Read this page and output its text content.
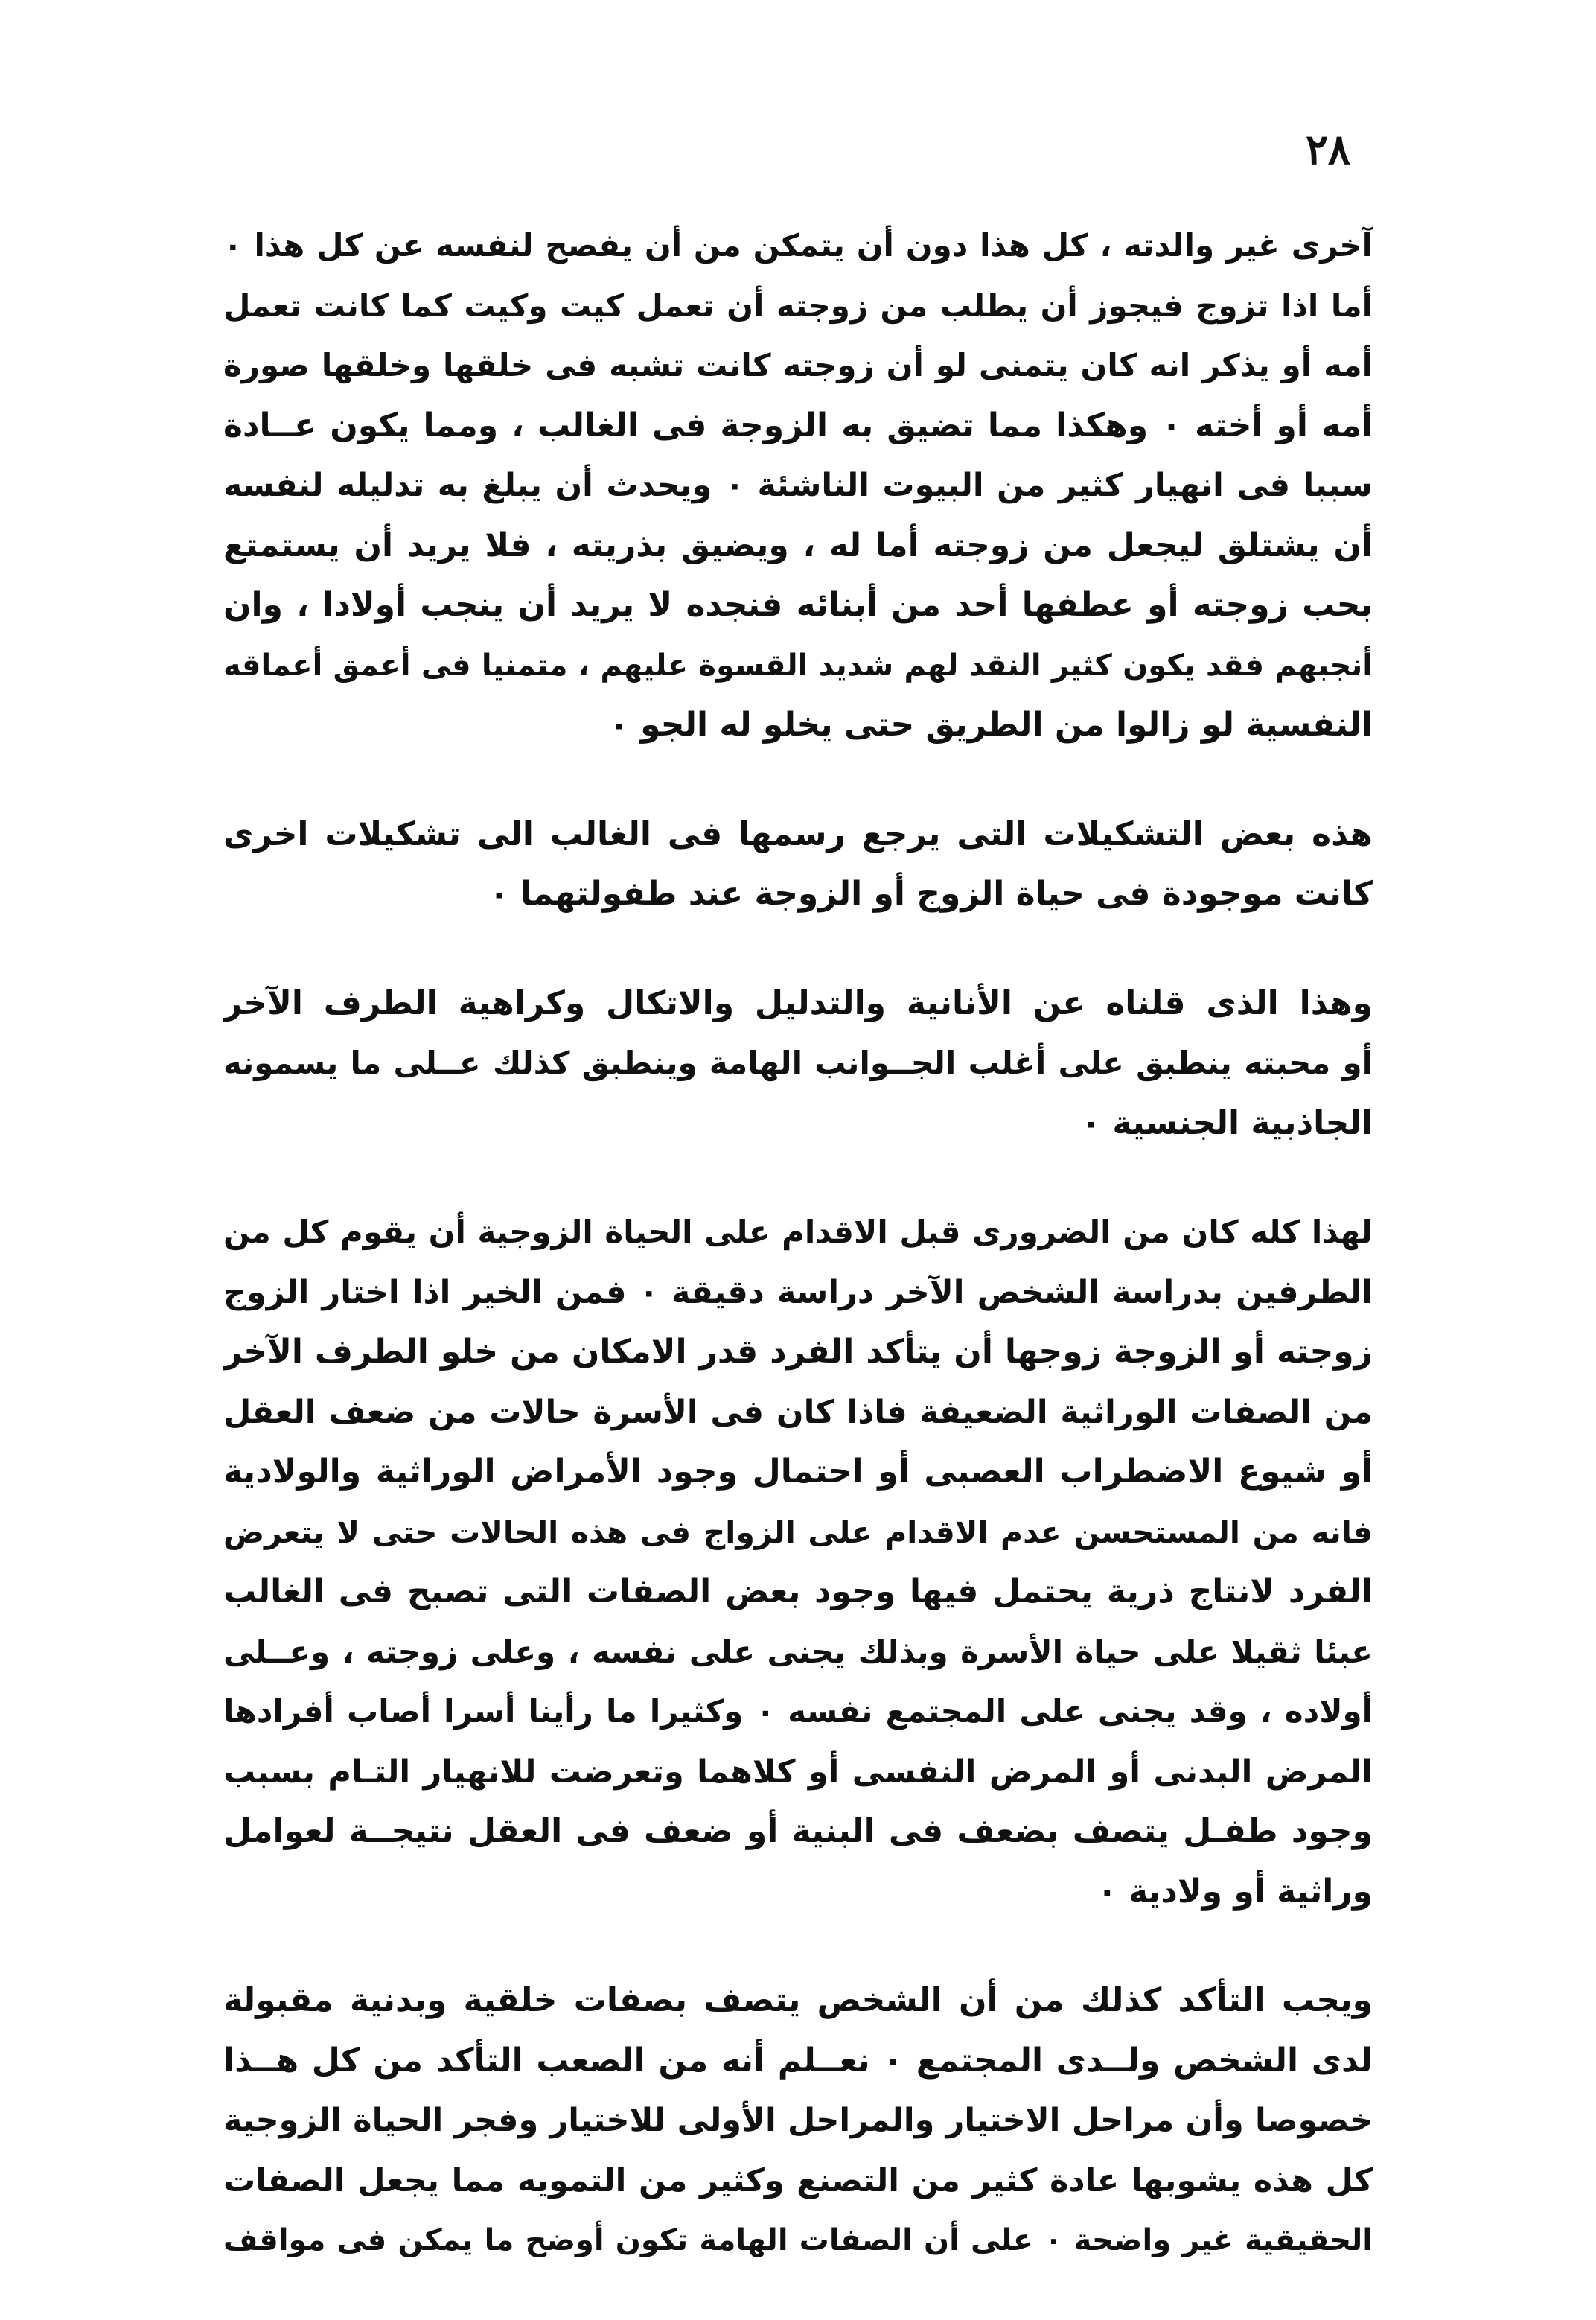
٢٨
آخرى غير والدته ، كل هذا دون أن يتمكن من أن يفصح لنفسه عن كل هذا ٠
أما اذا تزوج فيجوز أن يطلب من زوجته أن تعمل كيت وكيت كما كانت تعمل
أمه أو يذكر انه كان يتمنى لو أن زوجته كانت تشبه فى خلقها وخلقها صورة
أمه أو أخته ٠ وهكذا مما تضيق به الزوجة فى الغالب ، ومما يكون عــادة
سببا فى انهيار كثير من البيوت الناشئة ٠ ويحدث أن يبلغ به تدليله لنفسه
أن يشتلق ليجعل من زوجته أما له ، ويضيق بذريته ، فلا يريد أن يستمتع
بحب زوجته أو عطفها أحد من أبنائه فنجده لا يريد أن ينجب أولادا ، وان
أنجبهم فقد يكون كثير النقد لهم شديد القسوة عليهم ، متمنيا فى أعمق أعماقه
النفسية لو زالوا من الطريق حتى يخلو له الجو ٠
هذه بعض التشكيلات التى يرجع رسمها فى الغالب الى تشكيلات اخرى
كانت موجودة فى حياة الزوج أو الزوجة عند طفولتهما ٠
وهذا الذى قلناه عن الأنانية والتدليل والاتكال وكراهية الطرف الآخر
أو محبته ينطبق على أغلب الجــوانب الهامة وينطبق كذلك عــلى ما يسمونه
الجاذبية الجنسية ٠
لهذا كله كان من الضرورى قبل الاقدام على الحياة الزوجية أن يقوم كل من
الطرفين بدراسة الشخص الآخر دراسة دقيقة ٠ فمن الخير اذا اختار الزوج
زوجته أو الزوجة زوجها أن يتأكد الفرد قدر الامكان من خلو الطرف الآخر
من الصفات الوراثية الضعيفة فاذا كان فى الأسرة حالات من ضعف العقل
أو شيوع الاضطراب العصبى أو احتمال وجود الأمراض الوراثية والولادية
فانه من المستحسن عدم الاقدام على الزواج فى هذه الحالات حتى لا يتعرض
الفرد لانتاج ذرية يحتمل فيها وجود بعض الصفات التى تصبح فى الغالب
عبئا ثقيلا على حياة الأسرة وبذلك يجنى على نفسه ، وعلى زوجته ، وعــلى
أولاده ، وقد يجنى على المجتمع نفسه ٠ وكثيرا ما رأينا أسرا أصاب أفرادها
المرض البدنى أو المرض النفسى أو كلاهما وتعرضت للانهيار التـام بسبب
وجود طفـل يتصف بضعف فى البنية أو ضعف فى العقل نتيجــة لعوامل
وراثية أو ولادية ٠
ويجب التأكد كذلك من أن الشخص يتصف بصفات خلقية وبدنية مقبولة
لدى الشخص ولــدى المجتمع ٠ نعــلم أنه من الصعب التأكد من كل هــذا
خصوصا وأن مراحل الاختيار والمراحل الأولى للاختيار وفجر الحياة الزوجية
كل هذه يشوبها عادة كثير من التصنع وكثير من التمويه مما يجعل الصفات
الحقيقية غير واضحة ٠ على أن الصفات الهامة تكون أوضح ما يمكن فى مواقف
